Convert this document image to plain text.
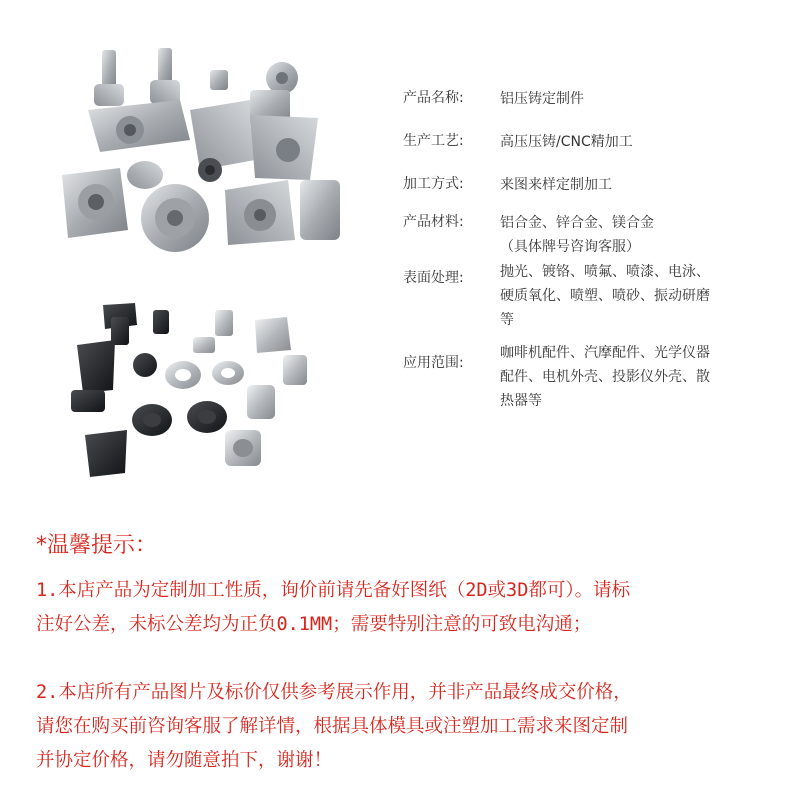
产品名称:	铝压铸定制件
生产工艺:	高压压铸/CNC精加工
加工方式:	来图来样定制加工
产品材料:	铝合金、锌合金、镁合金
（具体牌号咨询客服）
表面处理:	抛光、镀铬、喷氟、喷漆、电泳、
硬质氧化、喷塑、喷砂、振动研磨
等
应用范围:
咖啡机配件、汽摩配件、光学仪器
配件、电机外壳、投影仪外壳、散
热器等
*温馨提示：

1.本店产品为定制加工性质，询价前请先备好图纸（2D或3D都可）。请标

注好公差，未标公差均为正负0.1MM；需要特别注意的可致电沟通；

2.本店所有产品图片及标价仅供参考展示作用，并非产品最终成交价格，

请您在购买前咨询客服了解详情，根据具体模具或注塑加工需求来图定制

并协定价格，请勿随意拍下，谢谢！
